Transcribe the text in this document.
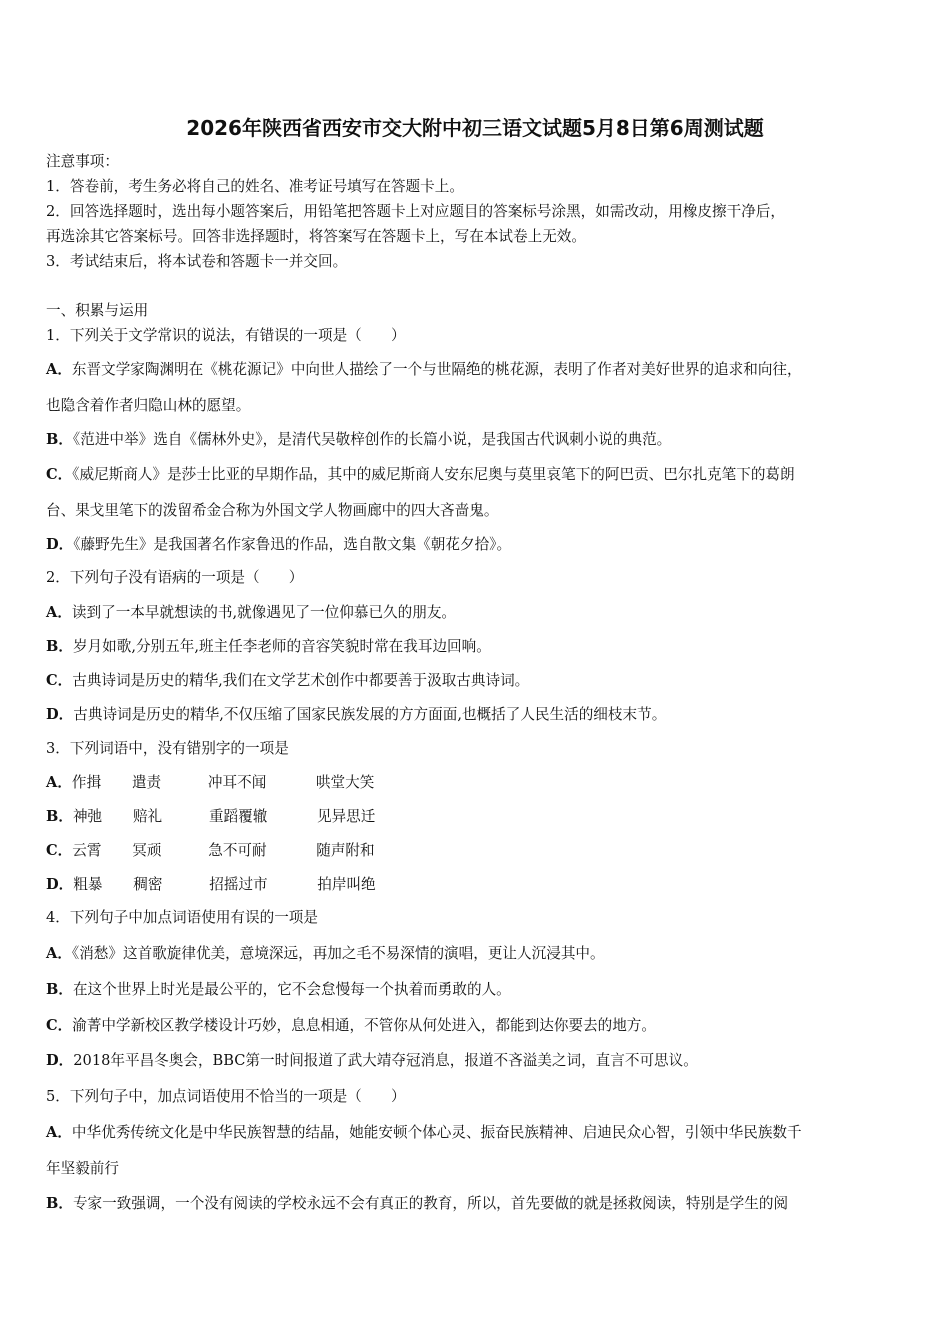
2026年陕西省西安市交大附中初三语文试题5月8日第6周测试题
注意事项：
1．答卷前，考生务必将自己的姓名、准考证号填写在答题卡上。
2．回答选择题时，选出每小题答案后，用铅笔把答题卡上对应题目的答案标号涂黑，如需改动，用橡皮擦干净后，
再选涂其它答案标号。回答非选择题时，将答案写在答题卡上，写在本试卷上无效。
3．考试结束后，将本试卷和答题卡一并交回。
一、积累与运用
1．下列关于文学常识的说法，有错误的一项是（　　）
A．东晋文学家陶渊明在《桃花源记》中向世人描绘了一个与世隔绝的桃花源，表明了作者对美好世界的追求和向往，
也隐含着作者归隐山林的愿望。
B．《范进中举》选自《儒林外史》，是清代吴敬梓创作的长篇小说，是我国古代讽刺小说的典范。
C．《威尼斯商人》是莎士比亚的早期作品，其中的威尼斯商人安东尼奥与莫里哀笔下的阿巴贡、巴尔扎克笔下的葛朗
台、果戈里笔下的泼留希金合称为外国文学人物画廊中的四大吝啬鬼。
D．《藤野先生》是我国著名作家鲁迅的作品，选自散文集《朝花夕拾》。
2．下列句子没有语病的一项是（　　）
A．读到了一本早就想读的书,就像遇见了一位仰慕已久的朋友。
B．岁月如歌,分别五年,班主任李老师的音容笑貌时常在我耳边回响。
C．古典诗词是历史的精华,我们在文学艺术创作中都要善于汲取古典诗词。
D．古典诗词是历史的精华,不仅压缩了国家民族发展的方方面面,也概括了人民生活的细枝末节。
3．下列词语中，没有错别字的一项是
A．作揖 遣责	冲耳不闻	哄堂大笑
B．神弛 赔礼	重蹈覆辙	见异思迁
C．云霄 冥顽	急不可耐	随声附和
D．粗暴 稠密	招摇过市	拍岸叫绝
4．下列句子中加点词语使用有误的一项是
A．《消愁》这首歌旋律优美，意境深远，再加之毛不易深情的演唱，更让人沉浸其中。
B．在这个世界上时光是最公平的，它不会怠慢每一个执着而勇敢的人。
C．渝菁中学新校区教学楼设计巧妙，息息相通，不管你从何处进入，都能到达你要去的地方。
D．2018年平昌冬奥会，BBC第一时间报道了武大靖夺冠消息，报道不吝溢美之词，直言不可思议。
5．下列句子中，加点词语使用不恰当的一项是（　　）
A．中华优秀传统文化是中华民族智慧的结晶，她能安顿个体心灵、振奋民族精神、启迪民众心智，引领中华民族数千
年坚毅前行
B．专家一致强调，一个没有阅读的学校永远不会有真正的教育，所以，首先要做的就是拯救阅读，特别是学生的阅
